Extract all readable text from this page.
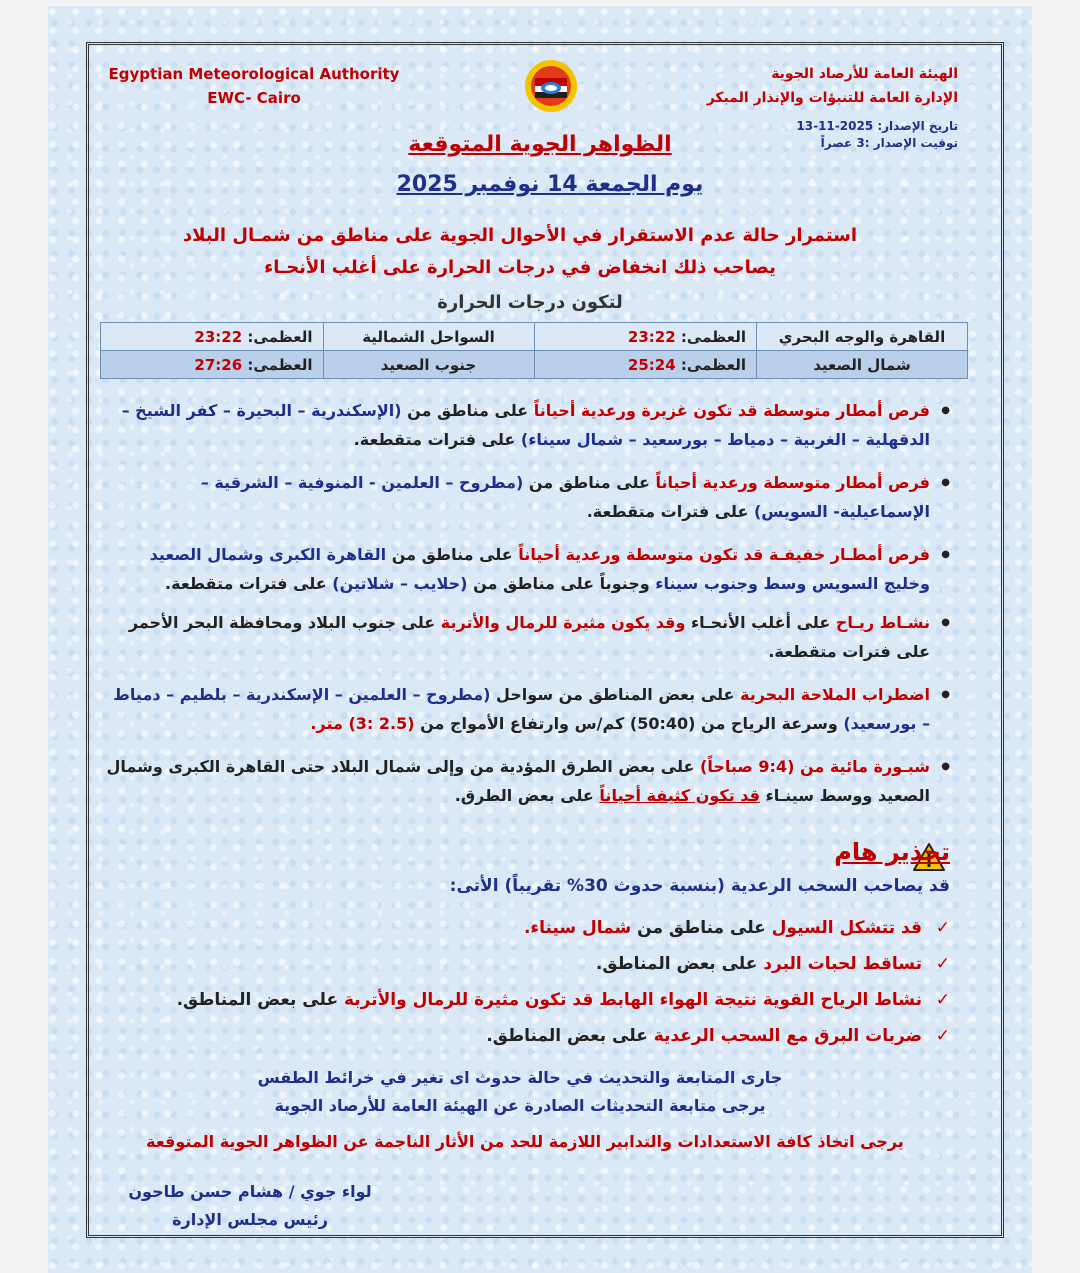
Egyptian Meteorological Authority
EWC- Cairo
الهيئة العامة للأرصاد الجوية
الإدارة العامة للتنبؤات والإنذار المبكر
تاريخ الإصدار: 2025-11-13
توقيت الإصدار :3 عصراً
الظواهر الجوية المتوقعة
يوم الجمعة 14 نوفمبر 2025
استمرار حالة عدم الاستقرار في الأحوال الجوية على مناطق من شمـال البلاد
يصاحب ذلك انخفاض في درجات الحرارة على أغلب الأنحـاء
لتكون درجات الحرارة
القاهرة والوجه البحري	العظمى: 23:22	السواحل الشمالية	العظمى: 23:22
شمال الصعيد	العظمى: 25:24	جنوب الصعيد	العظمى: 27:26

● فرص أمطار متوسطة قد تكون غزيرة ورعدية أحياناً على مناطق من (الإسكندرية – البحيرة – كفر الشيخ – الدقهلية – الغربية – دمياط – بورسعيد – شمال سيناء) على فترات متقطعة.

● فرص أمطار متوسطة ورعدية أحياناً على مناطق من (مطروح – العلمين - المنوفية – الشرقية – الإسماعيلية- السويس) على فترات متقطعة.

● فرص أمطـار خفيفـة قد تكون متوسطة ورعدية أحياناً على مناطق من القاهرة الكبرى وشمال الصعيد وخليج السويس وسط وجنوب سيناء وجنوباً على مناطق من (حلايب – شلاتين) على فترات متقطعة.

● نشـاط ريـاح على أغلب الأنحـاء وقد يكون مثيرة للرمال والأتربة على جنوب البلاد ومحافظة البحر الأحمر على فترات متقطعة.

● اضطراب الملاحة البحرية على بعض المناطق من سواحل (مطروح – العلمين – الإسكندرية – بلطيم – دمياط – بورسعيد) وسرعة الرياح من (50:40) كم/س وارتفاع الأمواج من (2.5 :3) متر.

● شبـورة مائية من (9:4 صباحاً) على بعض الطرق المؤدية من وإلى شمال البلاد حتى القاهرة الكبرى وشمال الصعيد ووسط سينـاء قد تكون كثيفة أحياناً على بعض الطرق.

تحذير هام
قد يصاحب السحب الرعدية (بنسبة حدوث 30% تقريباً) الأتى:
✓
قد تتشكل السيول على مناطق من شمال سيناء.
✓
تساقط لحبات البرد على بعض المناطق.
✓
نشاط الرياح القوية نتيجة الهواء الهابط قد تكون مثيرة للرمال والأتربة على بعض المناطق.
✓
ضربات البرق مع السحب الرعدية على بعض المناطق.
جارى المتابعة والتحديث في حالة حدوث اى تغير في خرائط الطقس
يرجى متابعة التحديثات الصادرة عن الهيئة العامة للأرصاد الجوية
يرجى اتخاذ كافة الاستعدادات والتدابير اللازمة للحد من الأثار الناجمة عن الظواهر الجوية المتوقعة
لواء جوي / هشام حسن طاحون
رئيس مجلس الإدارة
